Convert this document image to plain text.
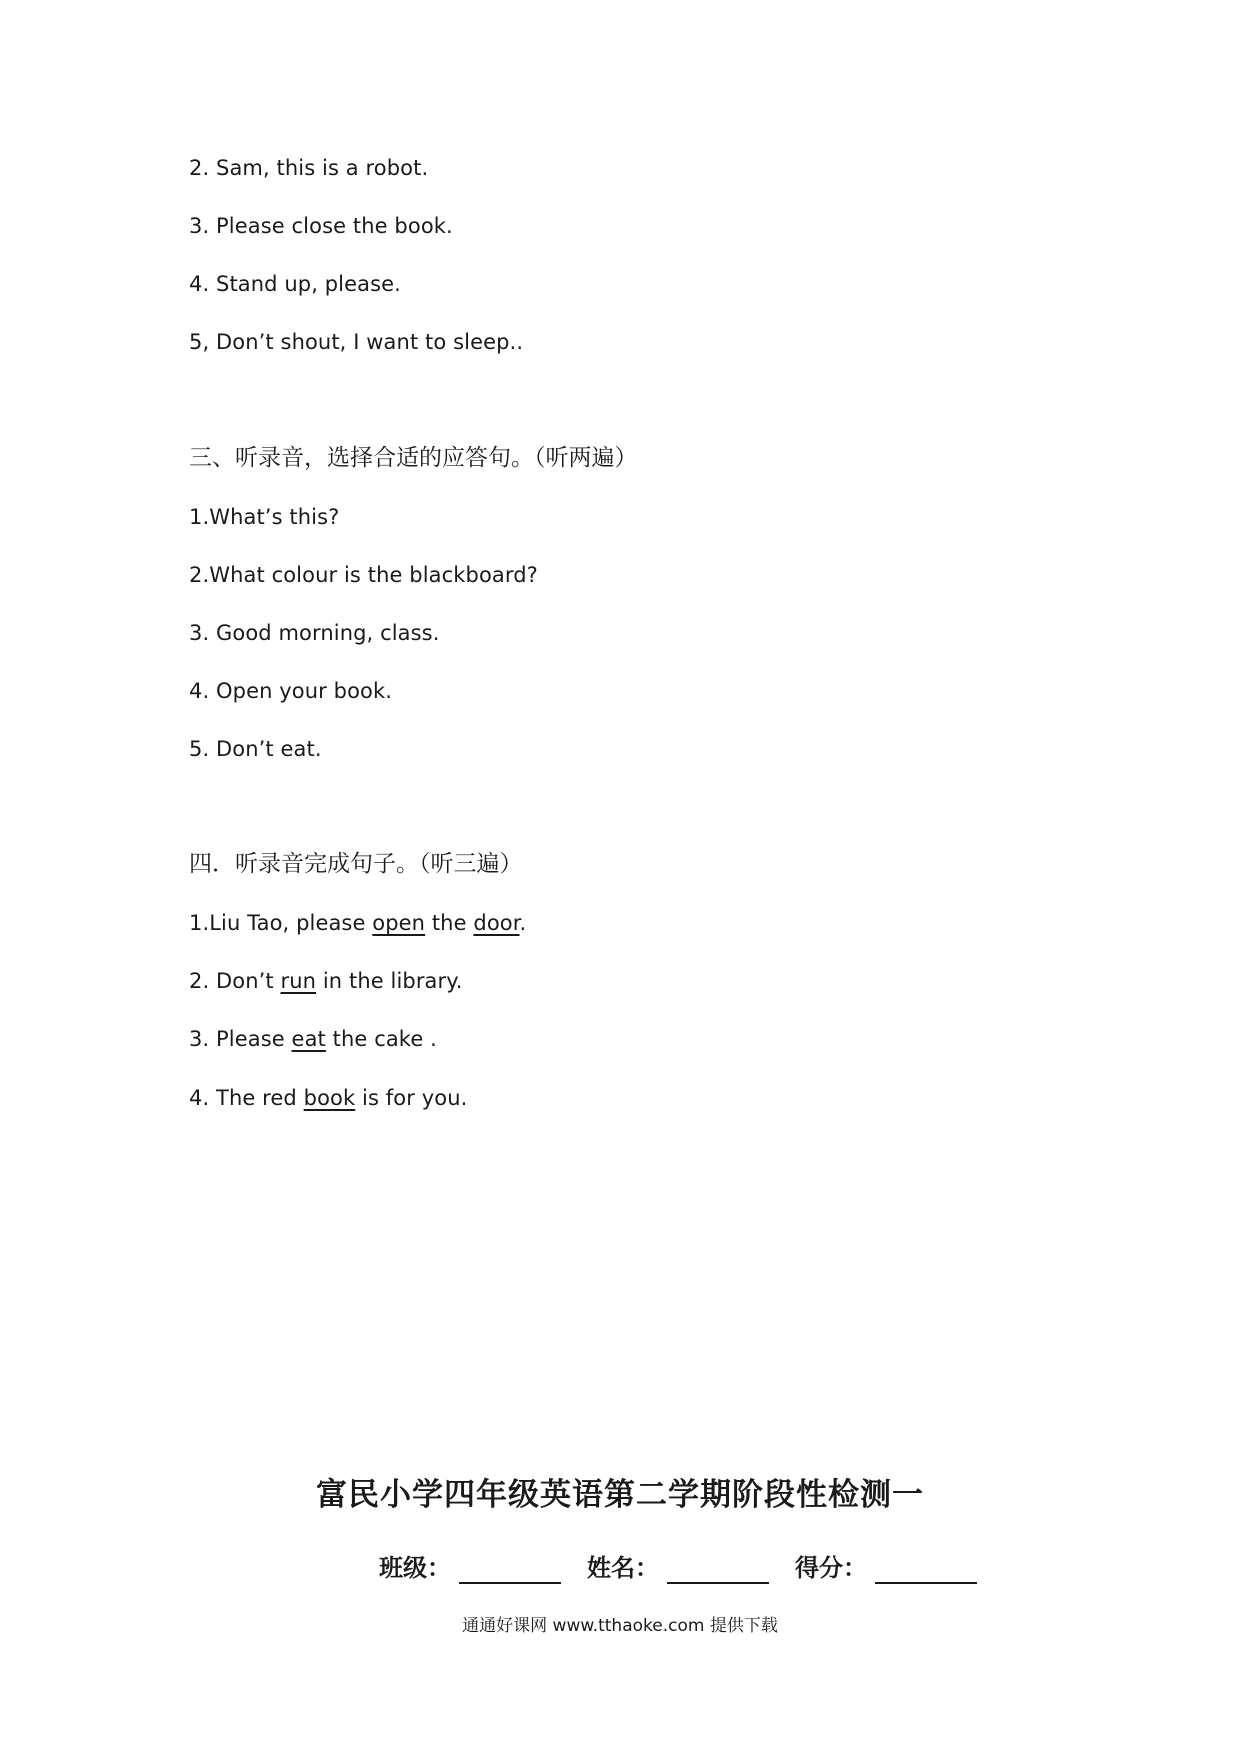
2. Sam, this is a robot.
3. Please close the book.
4. Stand up, please.
5, Don’t shout, I want to sleep..
三、听录音，选择合适的应答句。（听两遍）
1.What’s this?
2.What colour is the blackboard?
3. Good morning, class.
4. Open your book.
5. Don’t eat.
四．听录音完成句子。（听三遍）
1.Liu Tao, please open the door.
2. Don’t run in the library.
3. Please eat the cake .
4. The red book is for you.
富民小学四年级英语第二学期阶段性检测一
班级：	姓名：	得分：
通通好课网 www.tthaoke.com 提供下载
